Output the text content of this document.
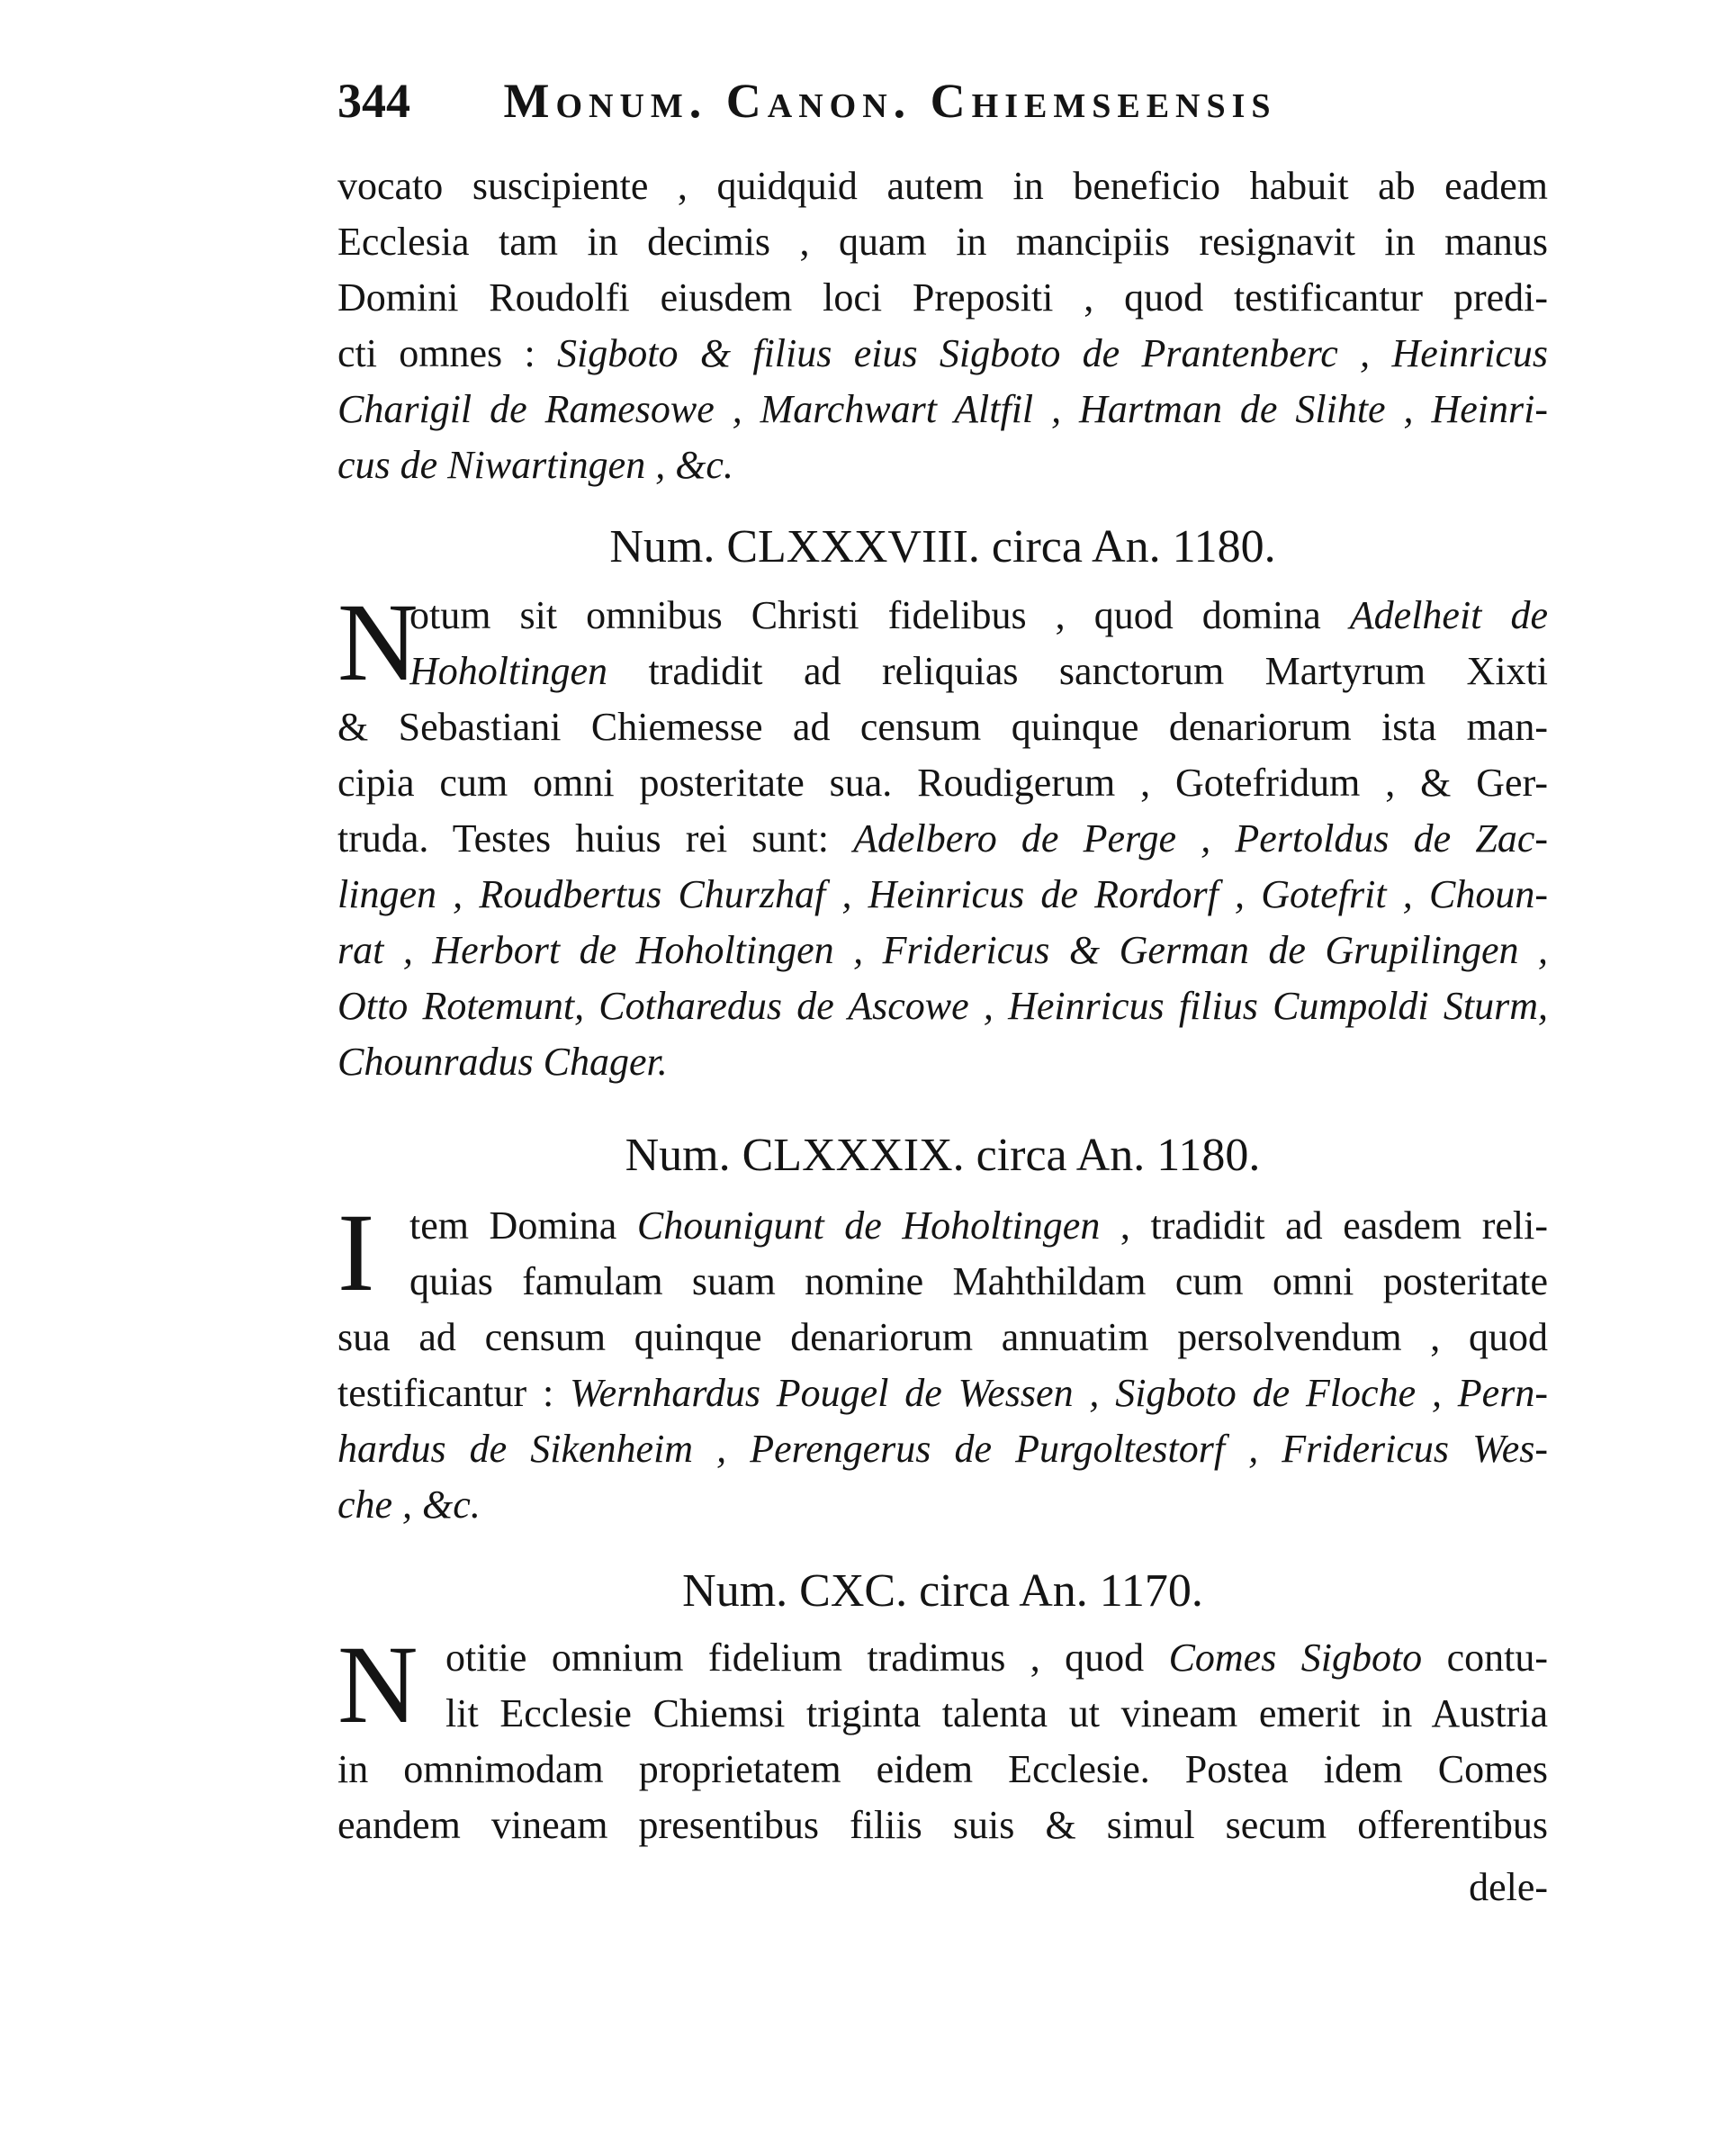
344 Monum. Canon. Chiemseensis
vocato suscipiente , quidquid autem in beneficio habuit ab eadem
Ecclesia tam in decimis , quam in mancipiis resignavit in manus
Domini Roudolfi eiusdem loci Prepositi , quod testificantur predi-
cti omnes : Sigboto & filius eius Sigboto de Prantenberc , Heinricus
Charigil de Ramesowe , Marchwart Altfil , Hartman de Slihte , Heinri-
cus de Niwartingen , &c.
Num. CLXXXVIII. circa An. 1180.
N
otum sit omnibus Christi fidelibus , quod domina Adelheit de
Hoholtingen tradidit ad reliquias sanctorum Martyrum Xixti
& Sebastiani Chiemesse ad censum quinque denariorum ista man-
cipia cum omni posteritate sua. Roudigerum , Gotefridum , & Ger-
truda. Testes huius rei sunt: Adelbero de Perge , Pertoldus de Zac-
lingen , Roudbertus Churzhaf , Heinricus de Rordorf , Gotefrit , Choun-
rat , Herbort de Hoholtingen , Fridericus & German de Grupilingen ,
Otto Rotemunt, Cotharedus de Ascowe , Heinricus filius Cumpoldi Sturm,
Chounradus Chager.
Num. CLXXXIX. circa An. 1180.
I tem Domina Chounigunt de Hoholtingen , tradidit ad easdem reli-
quias famulam suam nomine Mahthildam cum omni posteritate
sua ad censum quinque denariorum annuatim persolvendum , quod
testificantur : Wernhardus Pougel de Wessen , Sigboto de Floche , Pern-
hardus de Sikenheim , Perengerus de Purgoltestorf , Fridericus Wes-
che , &c.
Num. CXC. circa An. 1170.
N otitie omnium fidelium tradimus , quod Comes Sigboto contu-
lit Ecclesie Chiemsi triginta talenta ut vineam emerit in Austria
in omnimodam proprietatem eidem Ecclesie. Postea idem Comes
eandem vineam presentibus filiis suis & simul secum offerentibus
dele-
